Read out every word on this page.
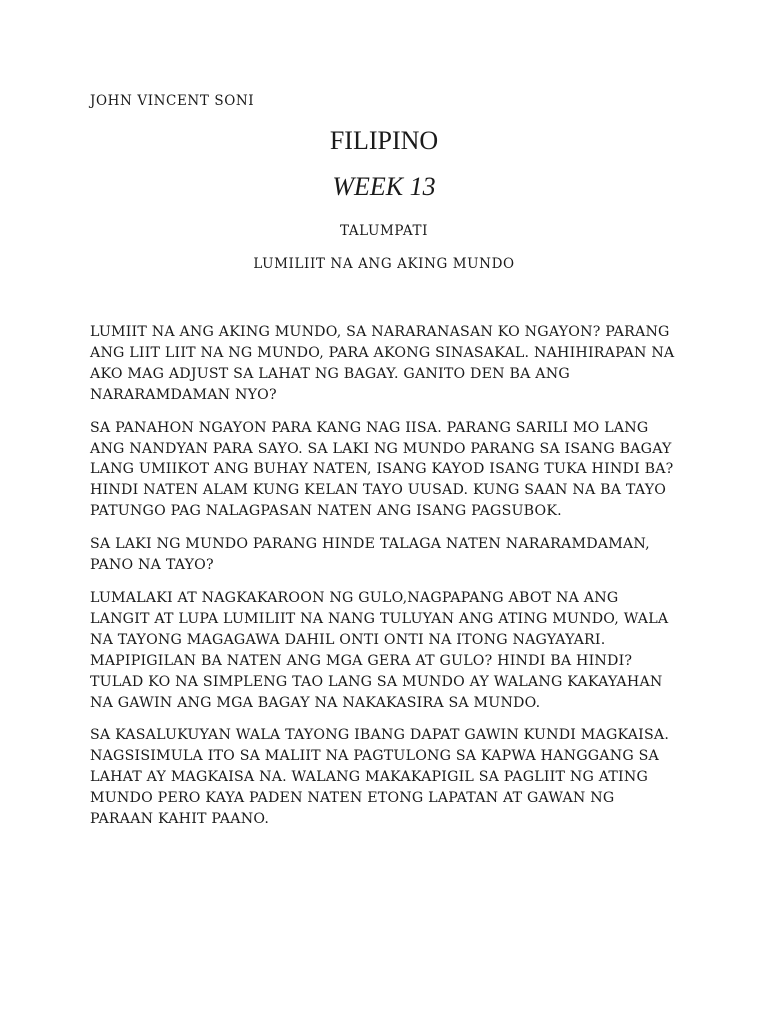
JOHN VINCENT SONI
FILIPINO
WEEK 13
TALUMPATI
LUMILIIT NA ANG AKING MUNDO

LUMIIT NA ANG AKING MUNDO, SA NARARANASAN KO NGAYON? PARANG ANG LIIT LIIT NA NG MUNDO, PARA AKONG SINASAKAL. NAHIHIRAPAN NA AKO MAG ADJUST SA LAHAT NG BAGAY. GANITO DEN BA ANG NARARAMDAMAN NYO?

SA PANAHON NGAYON PARA KANG NAG IISA. PARANG SARILI MO LANG ANG NANDYAN PARA SAYO. SA LAKI NG MUNDO PARANG SA ISANG BAGAY LANG UMIIKOT ANG BUHAY NATEN, ISANG KAYOD ISANG TUKA HINDI BA? HINDI NATEN ALAM KUNG KELAN TAYO UUSAD. KUNG SAAN NA BA TAYO PATUNGO PAG NALAGPASAN NATEN ANG ISANG PAGSUBOK.

SA LAKI NG MUNDO PARANG HINDE TALAGA NATEN NARARAMDAMAN, PANO NA TAYO?

LUMALAKI AT NAGKAKAROON NG GULO,NAGPAPANG ABOT NA ANG LANGIT AT LUPA LUMILIIT NA NANG TULUYAN ANG ATING MUNDO, WALA NA TAYONG MAGAGAWA DAHIL ONTI ONTI NA ITONG NAGYAYARI. MAPIPIGILAN BA NATEN ANG MGA GERA AT GULO? HINDI BA HINDI? TULAD KO NA SIMPLENG TAO LANG SA MUNDO AY WALANG KAKAYAHAN NA GAWIN ANG MGA BAGAY NA NAKAKASIRA SA MUNDO.

SA KASALUKUYAN WALA TAYONG IBANG DAPAT GAWIN KUNDI MAGKAISA. NAGSISIMULA ITO SA MALIIT NA PAGTULONG SA KAPWA HANGGANG SA LAHAT AY MAGKAISA NA. WALANG MAKAKAPIGIL SA PAGLIIT NG ATING MUNDO PERO KAYA PADEN NATEN ETONG LAPATAN AT GAWAN NG PARAAN KAHIT PAANO.
